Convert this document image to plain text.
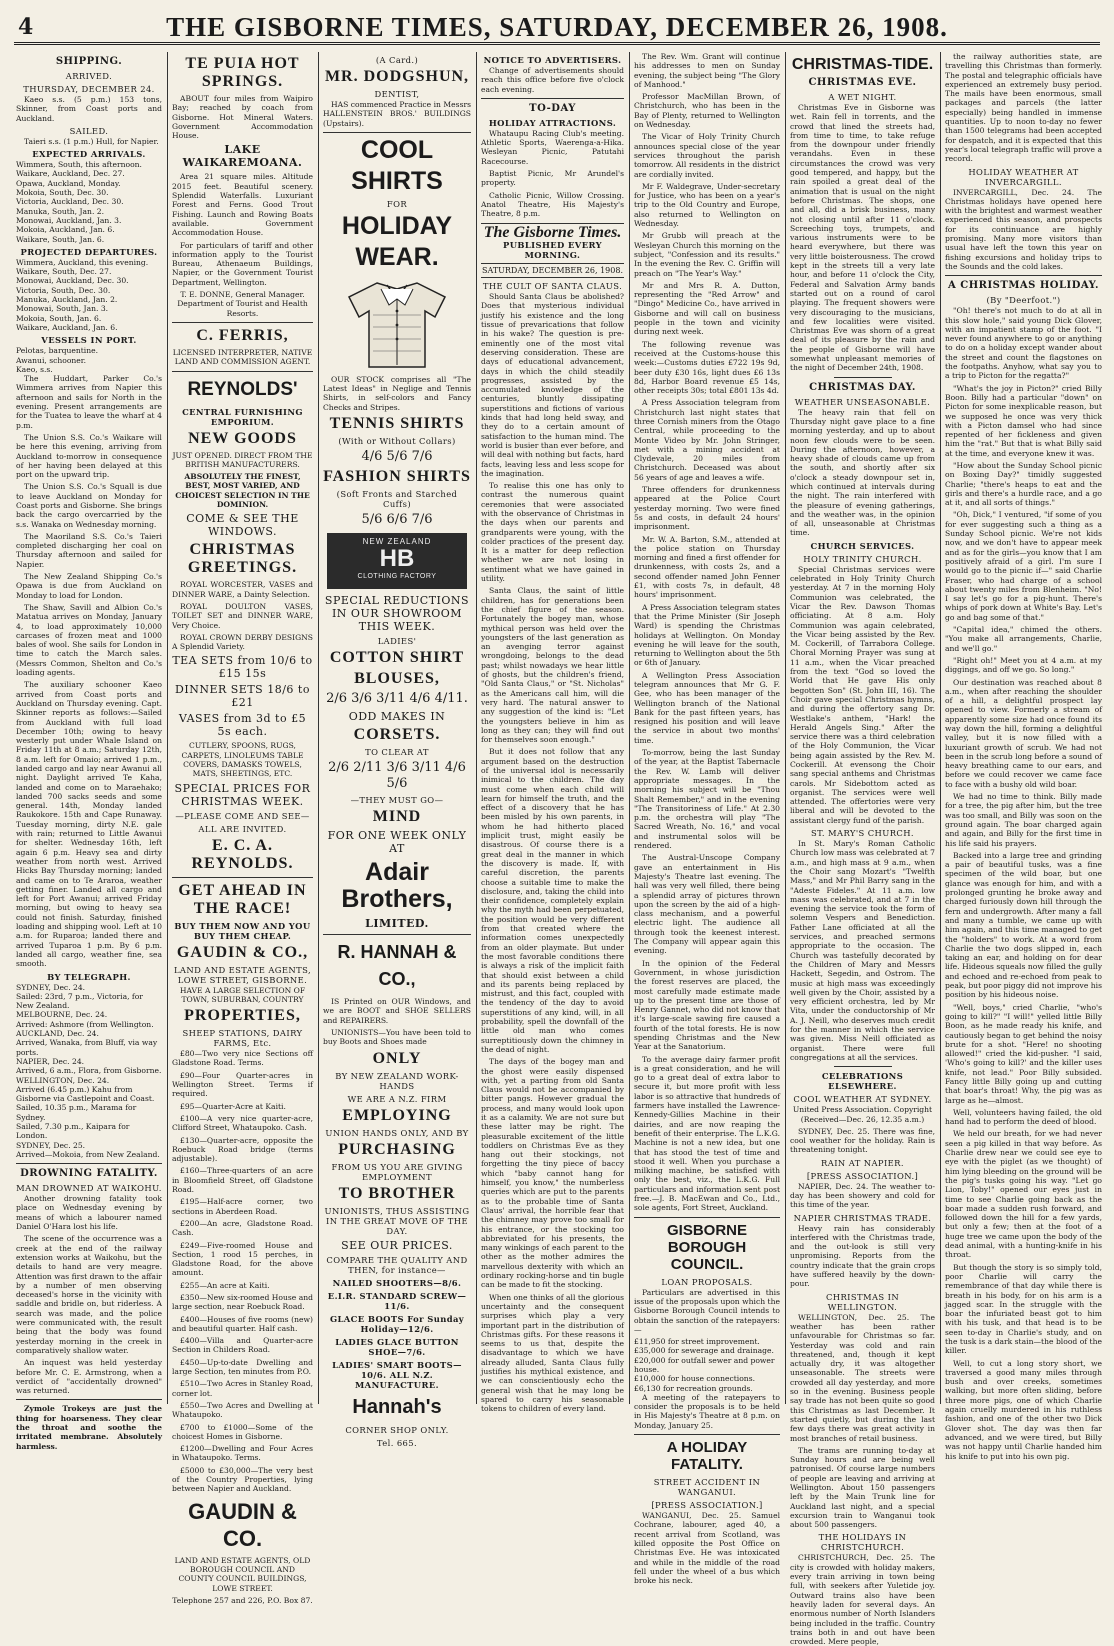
4	THE GISBORNE TIMES, SATURDAY, DECEMBER 26, 1908.
SHIPPING.
ARRIVED.
THURSDAY, DECEMBER 24.

Kaeo s.s. (5 p.m.) 153 tons, Skinner, from Coast ports and Auckland.

SAILED.

Taieri s.s. (1 p.m.) Hull, for Napier.

EXPECTED ARRIVALS.
Wimmera, South, this afternoon.
Waikare, Auckland, Dec. 27.
Opawa, Auckland, Monday.
Mokoia, South, Dec. 30.
Victoria, Auckland, Dec. 30.
Manuka, South, Jan. 2.
Monowai, Auckland, Jan. 3.
Mokoia, Auckland, Jan. 6.
Waikare, South, Jan. 6.
PROJECTED DEPARTURES.
Wimmera, Auckland, this evening.
Waikare, South, Dec. 27.
Monowai, Auckland, Dec. 30.
Victoria, South, Dec. 30.
Manuka, Auckland, Jan. 2.
Monowai, South, Jan. 3.
Mokoia, South, Jan. 6.
Waikare, Auckland, Jan. 6.
VESSELS IN PORT.
Pelotas, barquentine.
Awanui, schooner.
Kaeo, s.s.

The Huddart, Parker Co.'s Wimmera arrives from Napier this afternoon and sails for North in the evening. Present arrangements are for the Tuatea to leave the wharf at 4 p.m.

The Union S.S. Co.'s Waikare will be here this evening, arriving from Auckland to-morrow in consequence of her having been delayed at this port on the upward trip.

The Union S.S. Co.'s Squall is due to leave Auckland on Monday for Coast ports and Gisborne. She brings back the cargo overcarried by the s.s. Wanaka on Wednesday morning.

The Maoriland S.S. Co.'s Taieri completed discharging her coal on Thursday afternoon and sailed for Napier.

The New Zealand Shipping Co.'s Opawa is due from Auckland on Monday to load for London.

The Shaw, Savill and Albion Co.'s Matatua arrives on Monday, January 4, to load approximately 10,000 carcases of frozen meat and 1000 bales of wool. She sails for London in time to catch the March sales. (Messrs Common, Shelton and Co.'s loading agents.

The auxiliary schooner Kaeo arrived from Coast ports and Auckland on Thursday evening. Capt. Skinner reports as follows:—Sailed from Auckland with full load December 10th; owing to heavy westerly put under Whale Island on Friday 11th at 8 a.m.; Saturday 12th, 8 a.m. left for Omaio; arrived 1 p.m., landed cargo and lay near Awanui all night. Daylight arrived Te Kaha, landed and come on to Maraehako; landed 700 sacks seeds and some general. 14th, Monday landed Raukokore. 15th and Cape Runaway. Tuesday morning, dirty N.E. gale with rain; returned to Little Awanui for shelter. Wednesday 16th, left again 6 p.m. Heavy sea and dirty weather from north west. Arrived Hicks Bay Thursday morning; landed and came on to Te Araroa, weather getting finer. Landed all cargo and left for Port Awanui; arrived Friday morning, but owing to heavy sea could not finish. Saturday, finished loading and shipping wool. Left at 10 a.m. for Ruparoa; landed there and arrived Tuparoa 1 p.m. By 6 p.m. landed all cargo, weather fine, sea smooth.

BY TELEGRAPH.
SYDNEY, Dec. 24.
Sailed: 23rd, 7 p.m., Victoria, for New Zealand.
MELBOURNE, Dec. 24.
Arrived: Ashmore (from Wellington.
AUCKLAND, Dec. 24.
Arrived, Wanaka, from Bluff, via way ports.
NAPIER, Dec. 24.
Arrived, 6 a.m., Flora, from Gisborne.
WELLINGTON, Dec. 24.
Arrived (6.45 p.m.) Kahu from Gisborne via Castlepoint and Coast.
Sailed, 10.35 p.m., Marama for Sydney.
Sailed, 7.30 p.m., Kaipara for London.
SYDNEY, Dec. 25.
Arrived—Mokoia, from New Zealand.
DROWNING FATALITY.
MAN DROWNED AT WAIKOHU.

Another drowning fatality took place on Wednesday evening by means of which a labourer named Daniel O'Hara lost his life.

The scene of the occurrence was a creek at the end of the railway extension works at Waikohu, but the details to hand are very meagre. Attention was first drawn to the affair by a number of men observing deceased's horse in the vicinity with saddle and bridle on, but riderless. A search was made, and the police were communicated with, the result being that the body was found yesterday morning in the creek in comparatively shallow water.

An inquest was held yesterday before Mr. C. E. Armstrong, when a verdict of "accidentally drowned" was returned.

Zymole Trokeys are just the thing for hoarseness. They clear the throat and soothe the irritated membrane. Absolutely harmless.

TE PUIA HOT SPRINGS.

ABOUT four miles from Waipiro Bay; reached by coach from Gisborne. Hot Mineral Waters. Government Accommodation House.

LAKE WAIKAREMOANA.

Area 21 square miles. Altitude 2015 feet. Beautiful scenery. Splendid Waterfalls. Luxuriant Forest and Ferns. Good Trout Fishing. Launch and Rowing Boats available. Government Accommodation House.

For particulars of tariff and other information apply to the Tourist Bureau, Athenaeum Buildings, Napier, or the Government Tourist Department, Wellington.

T. E. DONNE, General Manager. Department of Tourist and Health Resorts.

C. FERRIS,

LICENSED INTERPRETER, NATIVE LAND AND COMMISSION AGENT.

REYNOLDS'
CENTRAL FURNISHING EMPORIUM.
NEW GOODS

JUST OPENED. DIRECT FROM THE BRITISH MANUFACTURERS.

ABSOLUTELY THE FINEST, BEST, MOST VARIED, AND CHOICEST SELECTION IN THE DOMINION.

COME & SEE THE WINDOWS.
CHRISTMAS GREETINGS.

ROYAL WORCESTER, VASES and DINNER WARE, a Dainty Selection.

ROYAL DOULTON VASES, TOILET SET and DINNER WARE, Very Choice.

ROYAL CROWN DERBY DESIGNS A Splendid Variety.

TEA SETS from 10/6 to £15 15s
DINNER SETS 18/6 to £21
VASES from 3d to £5 5s each.

CUTLERY, SPOONS, RUGS, CARPETS, LINOLEUMS TABLE COVERS, DAMASKS TOWELS, MATS, SHEETINGS, ETC.

SPECIAL PRICES FOR CHRISTMAS WEEK.
—PLEASE COME AND SEE—
ALL ARE INVITED.
E. C. A. REYNOLDS.
GET AHEAD IN THE RACE!
BUY THEM NOW AND YOU BUY THEM CHEAP.
GAUDIN & CO.,
LAND AND ESTATE AGENTS, LOWE STREET, GISBORNE.

HAVE A LARGE SELECTION OF TOWN, SUBURBAN, COUNTRY

PROPERTIES,
SHEEP STATIONS, DAIRY FARMS, Etc.

£80—Two very nice Sections off Gladstone Road. Terms.

£90—Four Quarter-acres in Wellington Street. Terms if required.

£95—Quarter-Acre at Kaiti.

£100—A very nice quarter-acre, Clifford Street, Whataupoko. Cash.

£130—Quarter-acre, opposite the Roebuck Road bridge (terms adjustable).

£160—Three-quarters of an acre in Bloomfield Street, off Gladstone Road.

£195—Half-acre corner, two sections in Aberdeen Road.

£200—An acre, Gladstone Road. Cash.

£249—Five-roomed House and Section, 1 rood 15 perches, in Gladstone Road, for the above amount.

£255—An acre at Kaiti.

£350—New six-roomed House and large section, near Roebuck Road.

£400—Houses of five rooms (new) and beautiful quarter. Half cash.

£400—Villa and Quarter-acre Section in Childers Road.

£450—Up-to-date Dwelling and large Section, ten minutes from P.O.

£510—Two Acres in Stanley Road, corner lot.

£550—Two Acres and Dwelling at Whataupoko.

£700 to £1000—Some of the choicest Homes in Gisborne.

£1200—Dwelling and Four Acres in Whataupoko. Terms.

£5000 to £30,000—The very best of the Country Properties, lying between Napier and Auckland.

GAUDIN & CO.

LAND AND ESTATE AGENTS, OLD BOROUGH COUNCIL AND COUNTY COUNCIL BUILDINGS, LOWE STREET.

Telephone 257 and 226, P.O. Box 87.

(A Card.)
MR. DODGSHUN,
DENTIST,

HAS commenced Practice in Messrs HALLENSTEIN BROS.' BUILDINGS (Upstairs).

COOL
SHIRTS
FOR
HOLIDAY
WEAR.

OUR STOCK comprises all "The Latest Ideas" in Neglige and Tennis Shirts, in self-colors and Fancy Checks and Stripes.

TENNIS SHIRTS
(With or Without Collars)
4/6 5/6 7/6
FASHION SHIRTS
(Soft Fronts and Starched Cuffs)
5/6 6/6 7/6
NEW ZEALAND
HB
CLOTHING FACTORY
SPECIAL REDUCTIONS IN OUR SHOWROOM THIS WEEK.
LADIES'
COTTON SHIRT
BLOUSES,
2/6 3/6 3/11 4/6 4/11.
ODD MAKES IN
CORSETS.
TO CLEAR AT
2/6 2/11 3/6 3/11 4/6 5/6
—THEY MUST GO—
MIND
FOR ONE WEEK ONLY AT
Adair Brothers,
LIMITED.
R. HANNAH & CO.,

IS Printed on OUR Windows, and we are BOOT and SHOE SELLERS and REPAIRERS.

UNIONISTS—You have been told to buy Boots and Shoes made

ONLY
BY NEW ZEALAND WORK-HANDS
WE ARE A N.Z. FIRM
EMPLOYING
UNION HANDS ONLY, AND BY
PURCHASING
FROM US YOU ARE GIVING EMPLOYMENT
TO BROTHER
UNIONISTS, THUS ASSISTING IN THE GREAT MOVE OF THE DAY.
SEE OUR PRICES.
COMPARE THE QUALITY AND THEN, for instance—
NAILED SHOOTERS—8/6.
E.I.R. STANDARD SCREW—11/6.
GLACE BOOTS For Sunday Holiday—12/6.
LADIES GLACE BUTTON SHOE—7/6.
LADIES' SMART BOOTS—10/6. ALL N.Z. MANUFACTURE.
Hannah's
CORNER SHOP ONLY.
Tel. 665.
NOTICE TO ADVERTISERS.

Change of advertisements should reach this office before five o'clock each evening.

TO-DAY
HOLIDAY ATTRACTIONS.

Whataupu Racing Club's meeting. Athletic Sports, Waerenga-a-Hika. Wesleyan Picnic, Patutahi Racecourse.

Baptist Picnic, Mr Arundel's property.

Catholic Picnic, Willow Crossing. Anatol Theatre, His Majesty's Theatre, 8 p.m.

The Gisborne Times.
PUBLISHED EVERY MORNING.
SATURDAY, DECEMBER 26, 1908.
THE CULT OF SANTA CLAUS.

Should Santa Claus be abolished? Does that mysterious individual justify his existence and the long tissue of prevarications that follow in his wake? The question is pre-eminently one of the most vital deserving consideration. These are days of educational advancement, days in which the child steadily progresses, assisted by the accumulated knowledge of the centuries, bluntly dissipating superstitions and fictions of various kinds that had long held sway, and they do to a certain amount of satisfaction to the human mind. The world is busier than ever before, and will deal with nothing but facts, hard facts, leaving less and less scope for the imagination.

To realise this one has only to contrast the numerous quaint ceremonies that were associated with the observance of Christmas in the days when our parents and grandparents were young, with the colder practices of the present day. It is a matter for deep reflection whether we are not losing in sentiment what we have gained in utility.

Santa Claus, the saint of little children, has for generations been the chief figure of the season. Fortunately the bogey man, whose mythical person was held over the youngsters of the last generation as an avenging terror against wrongdoing, belongs to the dead past; whilst nowadays we hear little of ghosts, but the children's friend, "Old Santa Claus," or "St. Nicholas" as the Americans call him, will die very hard. The natural answer to any suggestion of the kind is: "Let the youngsters believe in him as long as they can; they will find out for themselves soon enough."

But it does not follow that any argument based on the destruction of the universal idol is necessarily inimical to the children. The day must come when each child will learn for himself the truth, and the effect of a discovery that he has been misled by his own parents, in whom he had hitherto placed implicit trust, might easily be disastrous. Of course there is a great deal in the manner in which the discovery is made. If, with careful discretion, the parents choose a suitable time to make the disclosure, and, taking the child into their confidence, completely explain why the myth had been perpetuated, the position would be very different from that created where the information comes unexpectedly from an older playmate. But under the most favorable conditions there is always a risk of the implicit faith that should exist between a child and its parents being replaced by mistrust, and this fact, coupled with the tendency of the day to avoid superstitions of any kind, will, in all probability, spell the downfall of the little old man who comes surreptitiously down the chimney in the dead of night.

The days of the bogey man and the ghost were easily dispensed with, yet a parting from old Santa Claus would not be accompanied by bitter pangs. However gradual the process, and many would look upon it as a calamity. We are not sure but these latter may be right. The pleasurable excitement of the little toddlers on Christmas Eve as they hang out their stockings, not forgetting the tiny piece of baccy which "baby cannot hang for himself, you know," the numberless queries which are put to the parents as to the probable time of Santa Claus' arrival, the horrible fear that the chimney may prove too small for his entrance, or the stocking too abbreviated for his presents, the many winkings of each parent to the other as the mother admires the marvellous dexterity with which an ordinary rocking-horse and tin bugle can be made to fit the stocking.

When one thinks of all the glorious uncertainty and the consequent surprises which play a very important part in the distribution of Christmas gifts. For these reasons it seems to us that, despite the disadvantage to which we have already alluded, Santa Claus fully justifies his mythical existence, and we can conscientiously echo the general wish that he may long be spared to carry his seasonable tokens to children of every land.

The Rev. Wm. Grant will continue his addresses to men on Sunday evening, the subject being "The Glory of Manhood."

Professor MacMillan Brown, of Christchurch, who has been in the Bay of Plenty, returned to Wellington on Wednesday.

The Vicar of Holy Trinity Church announces special close of the year services throughout the parish tomorrow. All residents in the district are cordially invited.

Mr F. Waldegrave, Under-secretary for Justice, who has been on a year's trip to the Old Country and Europe, also returned to Wellington on Wednesday.

Mr Grubb will preach at the Wesleyan Church this morning on the subject, "Confession and its results." In the evening the Rev. C. Griffin will preach on "The Year's Way."

Mr and Mrs R. A. Dutton, representing the "Red Arrow" and "Dingo" Medicine Co., have arrived in Gisborne and will call on business people in the town and vicinity during next week.

The following revenue was received at the Customs-house this week:—Customs duties £722 19s 9d, beer duty £30 16s, light dues £6 13s 8d, Harbor Board revenue £5 14s, other receipts 30s; total £801 13s 4d.

A Press Association telegram from Christchurch last night states that three Cornish miners from the Otago Central, while proceeding to the Monte Video by Mr. John Stringer, met with a mining accident at Clydevale, 20 miles from Christchurch. Deceased was about 56 years of age and leaves a wife.

Three offenders for drunkenness appeared at the Police Court yesterday morning. Two were fined 5s and costs, in default 24 hours' imprisonment.

Mr. W. A. Barton, S.M., attended at the police station on Thursday morning and fined a first offender for drunkenness, with costs 2s, and a second offender named John Fenner £1, with costs 7s, in default, 48 hours' imprisonment.

A Press Association telegram states that the Prime Minister (Sir Joseph Ward) is spending the Christmas holidays at Wellington. On Monday evening he will leave for the south, returning to Wellington about the 5th or 6th of January.

A Wellington Press Association telegram announces that Mr G. F. Gee, who has been manager of the Wellington branch of the National Bank for the past fifteen years, has resigned his position and will leave the service in about two months' time.

To-morrow, being the last Sunday of the year, at the Baptist Tabernacle the Rev. W. Lamb will deliver appropriate messages. In the morning his subject will be "Thou Shalt Remember," and in the evening "The Transitoriness of Life." At 2.30 p.m. the orchestra will play "The Sacred Wreath, No. 16," and vocal and instrumental solos will be rendered.

The Austral-Unscope Company gave an entertainment in His Majesty's Theatre last evening. The hall was very well filled, there being a splendid array of pictures thrown upon the screen by the aid of a high-class mechanism, and a powerful electric light. The audience all through took the keenest interest. The Company will appear again this evening.

In the opinion of the Federal Government, in whose jurisdiction the forest reserves are placed, the most carefully made estimate made up to the present time are those of Henry Gannet, who did not know that it's large-scale sawing fire caused a fourth of the total forests. He is now spending Christmas and the New Year at the Sanatorium.

To the average dairy farmer profit is a great consideration, and he will go to a great deal of extra labor to secure it, but more profit with less labor is so attractive that hundreds of farmers have installed the Lawrence-Kennedy-Gillies Machine in their dairies, and are now reaping the benefit of their enterprise. The L.K.G. Machine is not a new idea, but one that has stood the test of time and stood it well. When you purchase a milking machine, be satisfied with only the best, viz., the L.K.G. Full particulars and information sent post free.—J. B. MacEwan and Co., Ltd., sole agents, Fort Street, Auckland.

GISBORNE BOROUGH COUNCIL.
LOAN PROPOSALS.

Particulars are advertised in this issue of the proposals upon which the Gisborne Borough Council intends to obtain the sanction of the ratepayers:—

£11,950 for street improvement.
£35,000 for sewerage and drainage.
£20,000 for outfall sewer and power house.
£10,000 for house connections.
£6,130 for recreation grounds.

A meeting of the ratepayers to consider the proposals is to be held in His Majesty's Theatre at 8 p.m. on Monday, January 25.

A HOLIDAY FATALITY.
STREET ACCIDENT IN WANGANUI.
[PRESS ASSOCIATION.]

WANGANUI, Dec. 25. Samuel Cochrane, labourer, aged 40, a recent arrival from Scotland, was killed opposite the Post Office on Christmas Eve. He was intoxicated and while in the middle of the road fell under the wheel of a bus which broke his neck.

CHRISTMAS-TIDE.
CHRISTMAS EVE.
A WET NIGHT.

Christmas Eve in Gisborne was wet. Rain fell in torrents, and the crowd that lined the streets had, from time to time, to take refuge from the downpour under friendly verandahs. Even in these circumstances the crowd was very good tempered, and happy, but the rain spoiled a great deal of the animation that is usual on the night before Christmas. The shops, one and all, did a brisk business, many not closing until after 11 o'clock. Screeching toys, trumpets, and various instruments were to be heard everywhere, but there was very little boisterousness. The crowd kept in the streets till a very late hour, and before 11 o'clock the City, Federal and Salvation Army bands started out on a round of carol playing. The frequent showers were very discouraging to the musicians, and few localities were visited. Christmas Eve was shorn of a great deal of its pleasure by the rain and the people of Gisborne will have somewhat unpleasant memories of the night of December 24th, 1908.

CHRISTMAS DAY.
WEATHER UNSEASONABLE.

The heavy rain that fell on Thursday night gave place to a fine morning yesterday, and up to about noon few clouds were to be seen. During the afternoon, however, a heavy shade of clouds came up from the south, and shortly after six o'clock a steady downpour set in, which continued at intervals during the night. The rain interfered with the pleasure of evening gatherings, and the weather was, in the opinion of all, unseasonable at Christmas time.

CHURCH SERVICES.
HOLY TRINITY CHURCH.

Special Christmas services were celebrated in Holy Trinity Church yesterday. At 7 in the morning Holy Communion was celebrated, the Vicar the Rev. Dawson Thomas officiating. At 8 a.m. Holy Communion was again celebrated, the Vicar being assisted by the Rev. M. Cockerill, of Tarrabora College. Choral Morning Prayer was sung at 11 a.m., when the Vicar preached from the text "God so loved the World that He gave His only begotten Son" (St. John III, 16). The Choir gave special Christmas hymns, and during the offertory sang Dr. Westlake's anthem, "Hark! the Herald Angels Sing." After the service there was a third celebration of the Holy Communion, the Vicar being again assisted by the Rev. M. Cockerill. At evensong the Choir sang special anthems and Christmas carols. Mr Sidebottom acted as organist. The services were well attended. The offertories were very liberal and will be devoted to the assistant clergy fund of the parish.

ST. MARY'S CHURCH.

In St. Mary's Roman Catholic Church low mass was celebrated at 7 a.m., and high mass at 9 a.m., when the Choir sang Mozart's "Twelfth Mass," and Mr Phil Barry sang in the "Adeste Fideles." At 11 a.m. low mass was celebrated, and at 7 in the evening the service took the form of solemn Vespers and Benediction. Father Lane officiated at all the services, and preached sermons appropriate to the occasion. The Church was tastefully decorated by the Children of Mary and Messrs Hackett, Segedin, and Ostrom. The music at high mass was exceedingly well given by the Choir, assisted by a very efficient orchestra, led by Mr Vita, under the conductorship of Mr A. J. Neill, who deserves much credit for the manner in which the service was given. Miss Neill officiated as organist. There were full congregations at all the services.

CELEBRATIONS ELSEWHERE.
COOL WEATHER AT SYDNEY.

United Press Association. Copyright (Received—Dec. 26, 12.35 a.m.)

SYDNEY, Dec. 25. There was fine, cool weather for the holiday. Rain is threatening tonight.

RAIN AT NAPIER.
[PRESS ASSOCIATION.]

NAPIER, Dec. 24. The weather to-day has been showery and cold for this time of the year.

NAPIER CHRISTMAS TRADE.

Heavy rain has considerably interfered with the Christmas trade, and the out-look is still very unpromising. Reports from the country indicate that the grain crops have suffered heavily by the down-pour.

CHRISTMAS IN WELLINGTON.

WELLINGTON, Dec. 25. The weather has been rather unfavourable for Christmas so far. Yesterday was cold and rain threatened, and, though it kept actually dry, it was altogether unseasonable. The streets were crowded all day yesterday, and more so in the evening. Business people say trade has not been quite so good this Christmas as last December. It started quietly, but during the last few days there was great activity in most branches of retail business.

The trams are running to-day at Sunday hours and are being well patronised. Of course large numbers of people are leaving and arriving at Wellington. About 150 passengers left by the Main Trunk line for Auckland last night, and a special excursion train to Wanganui took about 500 passengers.

THE HOLIDAYS IN CHRISTCHURCH.

CHRISTCHURCH, Dec. 25. The city is crowded with holiday makers, every train arriving in town being full, with seekers after Yuletide joy. Outward trains also have been heavily laden for several days. An enormous number of North Islanders being included in the traffic. Country trains both in and out have been crowded. Mere people,

the railway authorities state, are travelling this Christmas than formerly. The postal and telegraphic officials have experienced an extremely busy period. The mails have been enormous, small packages and parcels (the latter especially) being handled in immense quantities. Up to noon to-day no fewer than 1500 telegrams had been accepted for despatch, and it is expected that this year's local telegraph traffic will prove a record.

HOLIDAY WEATHER AT INVERCARGILL.

INVERCARGILL, Dec. 24. The Christmas holidays have opened here with the brightest and warmest weather experienced this season, and prospects for its continuance are highly promising. Many more visitors than usual have left the town this year on fishing excursions and holiday trips to the Sounds and the cold lakes.

A CHRISTMAS HOLIDAY.
(By "Deerfoot.")

"Oh! there's not much to do at all in this slow hole," said young Dick Glover, with an impatient stamp of the foot. "I never found anywhere to go or anything to do on a holiday except wander about the street and count the flagstones on the footpaths. Anyhow, what say you to a trip to Picton for the regatta?"

"What's the joy in Picton?" cried Billy Boon. Billy had a particular "down" on Picton for some inexplicable reason, but we supposed he once was very thick with a Picton damsel who had since repented of her fickleness and given him the "rat." But that is what Billy said at the time, and everyone knew it was.

"How about the Sunday School picnic on Boxing Day?" timidly suggested Charlie; "there's heaps to eat and the girls and there's a hurdle race, and a go at it, and all sorts of things."

"Oh, Dick," I ventured, "if some of you for ever suggesting such a thing as a Sunday School picnic. We're not kids now, and we don't have to appear meek and as for the girls—you know that I am positively afraid of a girl. I'm sure I would go to the picnic if—" said Charlie Fraser, who had charge of a school about twenty miles from Blenheim. "No! I say let's go for a pig-hunt. There's whips of pork down at White's Bay. Let's go and bag some of that."

"Capital idea," chimed the others. "You make all arrangements, Charlie, and we'll go."

"Right oh!" Meet you at 4 a.m. at my diggings, and off we go. So long."

Our destination was reached about 8 a.m., when after reaching the shoulder of a hill, a delightful prospect lay opened to view. Formerly a stream of apparently some size had once found its way down the hill, forming a delightful valley, but it is now filled with a luxuriant growth of scrub. We had not been in the scrub long before a sound of heavy breathing came to our ears, and before we could recover we came face to face with a bushy old wild boar.

We had no time to think. Billy made for a tree, the pig after him, but the tree was too small, and Billy was soon on the ground again. The boar charged again and again, and Billy for the first time in his life said his prayers.

Backed into a large tree and grinding a pair of beautiful tusks, was a fine specimen of the wild boar, but one glance was enough for him, and with a prolonged grunting he broke away and charged furiously down hill through the fern and undergrowth. After many a fall and many a tumble, we came up with him again, and this time managed to get the "holders" to work. At a word from Charlie the two dogs slipped in, each taking an ear, and holding on for dear life. Hideous squeals now filled the gully and echoed and re-echoed from peak to peak, but poor piggy did not improve his position by his hideous noise.

"Well, boys," cried Charlie, "who's going to kill?" "I will!" yelled little Billy Boon, as he made ready his knife, and cautiously began to get behind the noisy brute for a shot. "Here! no shooting allowed!" cried the kid-pusher. "I said, 'Who's going to kill?' and the killer uses knife, not lead." Poor Billy subsided. Fancy little Billy going up and cutting that boar's throat! Why, the pig was as large as he—almost.

Well, volunteers having failed, the old hand had to perform the deed of blood.

We held our breath, for we had never seen a pig killed in that way before. As Charlie drew near we could see eye to eye with the piglet (as we thought) of him lying bleeding on the ground will be the pig's tusks going his way. "Let go Lion, Toby!" opened our eyes just in time to see Charlie going back as the boar made a sudden rush forward, and followed down the hill for a few yards, but only a few; then at the foot of a huge tree we came upon the body of the dead animal, with a hunting-knife in his throat.

But though the story is so simply told, poor Charlie will carry the remembrance of that day while there is breath in his body, for on his arm is a jagged scar. In the struggle with the boar the infuriated beast got to him with his tusk, and that head is to be seen to-day in Charlie's study, and on the tusk is a dark stain—the blood of the killer.

Well, to cut a long story short, we traversed a good many miles through bush and over creeks, sometimes walking, but more often sliding, before three more pigs, one of which Charlie again cruelly murdered in his ruthless fashion, and one of the other two Dick Glover shot. The day was then far advanced, and we were tired, but Billy was not happy until Charlie handed him his knife to put into his own pig.
